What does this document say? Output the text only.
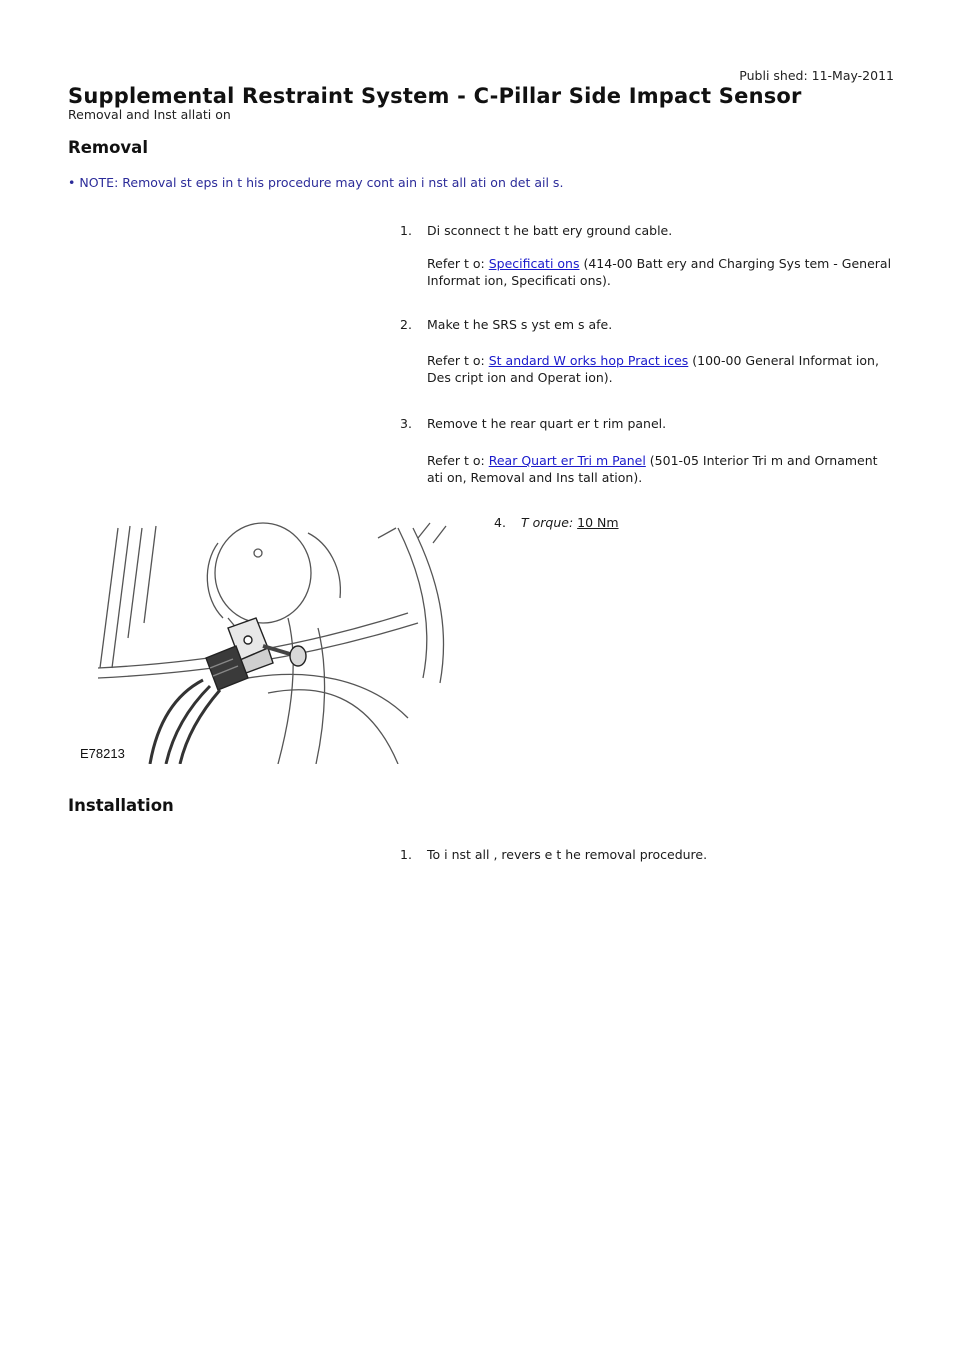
Publi shed: 11-May-2011
Supplemental Restraint System - C-Pillar Side Impact Sensor
Removal and Inst allati on
Removal
• NOTE: Removal st eps in t his procedure may cont ain i nst all ati on det ail s.
1.	Di sconnect t he batt ery ground cable.
Refer t o: Specificati ons (414-00 Batt ery and Charging Sys tem - General Informat ion, Specificati ons).
2.	Make t he SRS s yst em s afe.
Refer t o: St andard W orks hop Pract ices (100-00 General Informat ion, Des cript ion and Operat ion).
3.	Remove t he rear quart er t rim panel.
Refer t o: Rear Quart er Tri m Panel (501-05 Interior Tri m and Ornament ati on, Removal and Ins tall ation).
4.	T orque: 10 Nm
E78213
Installation
1.	To i nst all , revers e t he removal procedure.
